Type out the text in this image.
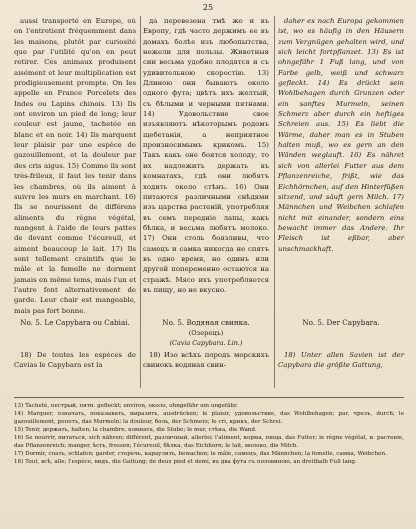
25

aussi transporté en Europe, où on l'entretient fréquemment dans les maisons, plutôt par curiosité que par l'utilité qu'on en peut retirer. Ces animaux produisent aisément et leur multiplication est prodigieusement prompte. On les appelle en France Porcelets des Indes ou Lapins chinois. 13) Ils ont environ un pied de long; leur couleur est jaune, tachetée en blanc et en noir. 14) Ils marquent leur plaisir par une espèce de gazouillement, et la douleur par des cris aigus. 15) Comme ils sont très-frileux, il faut les tenir dans les chambres, où ils aiment à suivre les murs en marchant. 16) Ils se nourissent de différens aliments du règne végétal, mangent à l'aide de leurs pattes de devant comme l'écureuil, et aiment beaucoup le lait. 17) Ils sont tellement craintifs que le mâle et la femelle ne dorment jamais en même tems, mais l'un et l'autre font alternativement de garde. Leur chair est mangeable, mais pas fort bonne.

да перевезена тмѣ же и въ Европу, гдѣ часто держимъ ее въ домахъ болѣе изъ любопытства, нежели для пользы. Животныя сии весьма удобно плодятся и съ удивительною скоростію. 13) Длиною они бываютъ около одного фута; цвѣтъ ихъ желтый, съ бѣлыми и черными пятнами. 14) Удовольствие свое изъявляютъ нѣкоторымъ родомъ щебетанія, а неприятное произносимымъ крикомъ. 15) Такъ какъ оне боятся холоду, то их надлежитъ держать въ комнатахъ, гдѣ они любятъ ходить около стѣнъ. 16) Они питаются различными снѣдями изъ царства растеній, употребляя въ семъ передніе лапы, какъ бѣлка, и весьма любятъ молоко. 17) Они столь боязливы, что самецъ и самка никогда не спятъ въ одно время, но одинъ или другой попеременно остаются на стражѣ. Мясо ихъ употребляется въ пищу, но не вкусно.

daher es nach Europa gekommen ist, wo es häufig in den Häusern zum Vergnügen gehalten wird, und sich leicht fortpflanzet. 13) Es ist ohngefähr 1 Fuß lang, und von Farbe gelb, weiß und schwarz gefleckt. 14) Es drückt sein Wohlbehagen durch Grunzen oder ein sanftes Murmeln, seinen Schmerz aber durch ein heftiges Schreien aus. 15) Es liebt die Wärme, daher man es in Stuben halten muß, wo es gern an den Wänden weglauft. 16) Es nähret sich von allerlei Futter aus dem Pflanzenreiche, frißt, wie das Eichhörnchen, auf den Hinterfüßen sitzend, und säuft gern Milch. 17) Männchen und Weibchen schlafen nicht mit einander, sondern eins bewacht immer das Andere. Ihr Fleisch ist eßbar, aber unschmackhaft.

No. 5. Le Capybara ou Cabiai.	No. 5. Водяная свинка.
(Озерецъ)
(Cavia Capybara. Lin.)
No. 5. Der Capybara.

18) De toutes les espèces de Cavias le Capybara est la

18) Изо всѣхъ породъ морскихъ свинокъ водяная свин-

18) Unter allen Savien ist der Capybara die größte Gattung,

13) Tacheté, пестрый, пятн. gefleckt; environ, около, ohngefähr um ungefähr.

14) Marquer, означать, показывать, выразить, ausdrücken; le plaisir, удовольствие, das Wohlbehagen; par, чрезъ, durch; le gazouillement, ропотъ, das Murmeln; la douleur, боль, der Schmerz; le cri, крикъ, der Schrei.

15) Tenir, держать, halten; la chambre, комната, die Stube; le mur, стѣна, die Wand.

16) Se nourrir, питаться, sich nähren; différent, различный, allerlei; l'aliment, корма, пища, das Futter; le règne végétal, и. растеніе, das Pflanzenreich; manger, ѣсть, fressen; l'écureuil, бѣлка, das Eichhorn; le lait, молоко, die Milch.

17) Dormir, спать, schlafen; garder, стеречь, караулить, bewachen; le mâle, самецъ, das Männchen; la femelle, самка, Weibchen.

18) Tout, всѣ, alle; l'espèce, видъ, die Gattung; de deux pied et demi, въ два фута съ половиною, an dreithalb Fuß lang.
